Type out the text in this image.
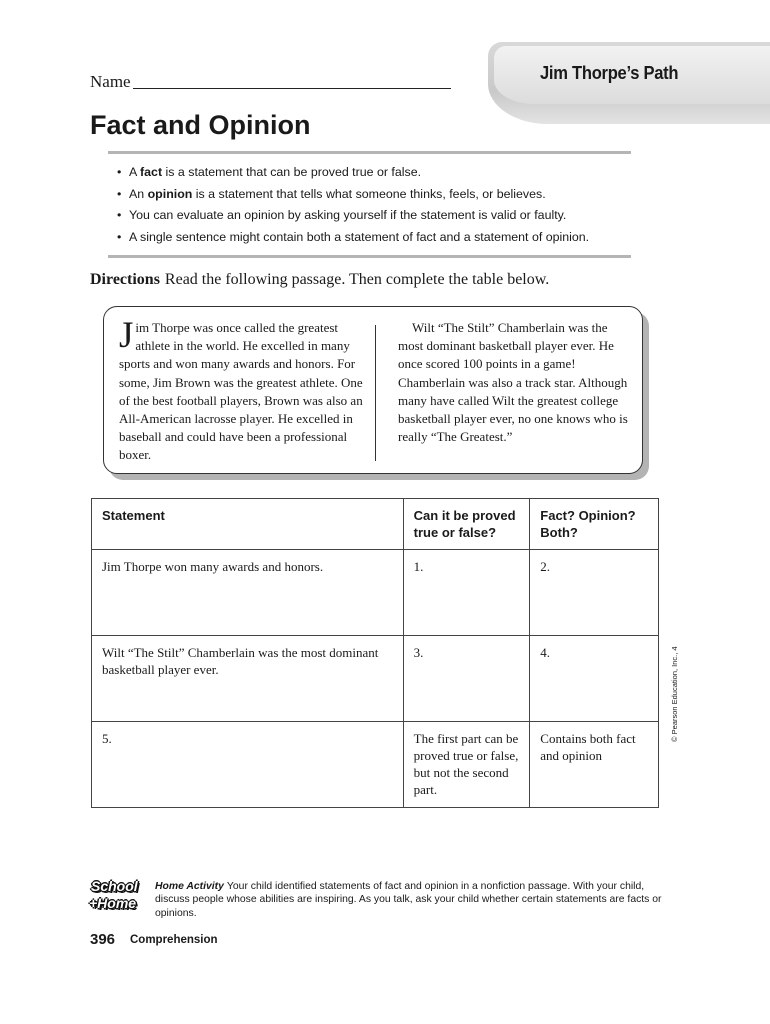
Jim Thorpe’s Path
Name
Fact and Opinion
• A fact is a statement that can be proved true or false.
• An opinion is a statement that tells what someone thinks, feels, or believes.
• You can evaluate an opinion by asking yourself if the statement is valid or faulty.
• A single sentence might contain both a statement of fact and a statement of opinion.
Directions Read the following passage. Then complete the table below.
Jim Thorpe was once called the greatest athlete in the world. He excelled in many sports and won many awards and honors. For some, Jim Brown was the greatest athlete. One of the best football players, Brown was also an All-American lacrosse player. He excelled in baseball and could have been a professional boxer.
Wilt “The Stilt” Chamberlain was the most dominant basketball player ever. He once scored 100 points in a game! Chamberlain was also a track star. Although many have called Wilt the greatest college basketball player ever, no one knows who is really “The Greatest.”
Statement	Can it be proved true or false?	Fact? Opinion? Both?
Jim Thorpe won many awards and honors.	1.	2.
Wilt “The Stilt” Chamberlain was the most dominant basketball player ever.	3.	4.
5.	The first part can be proved true or false, but not the second part.	Contains both fact and opinion
© Pearson Education, Inc., 4
School
+Home
Home Activity Your child identified statements of fact and opinion in a nonfiction passage. With your child, discuss people whose abilities are inspiring. As you talk, ask your child whether certain statements are facts or opinions.
396 Comprehension
